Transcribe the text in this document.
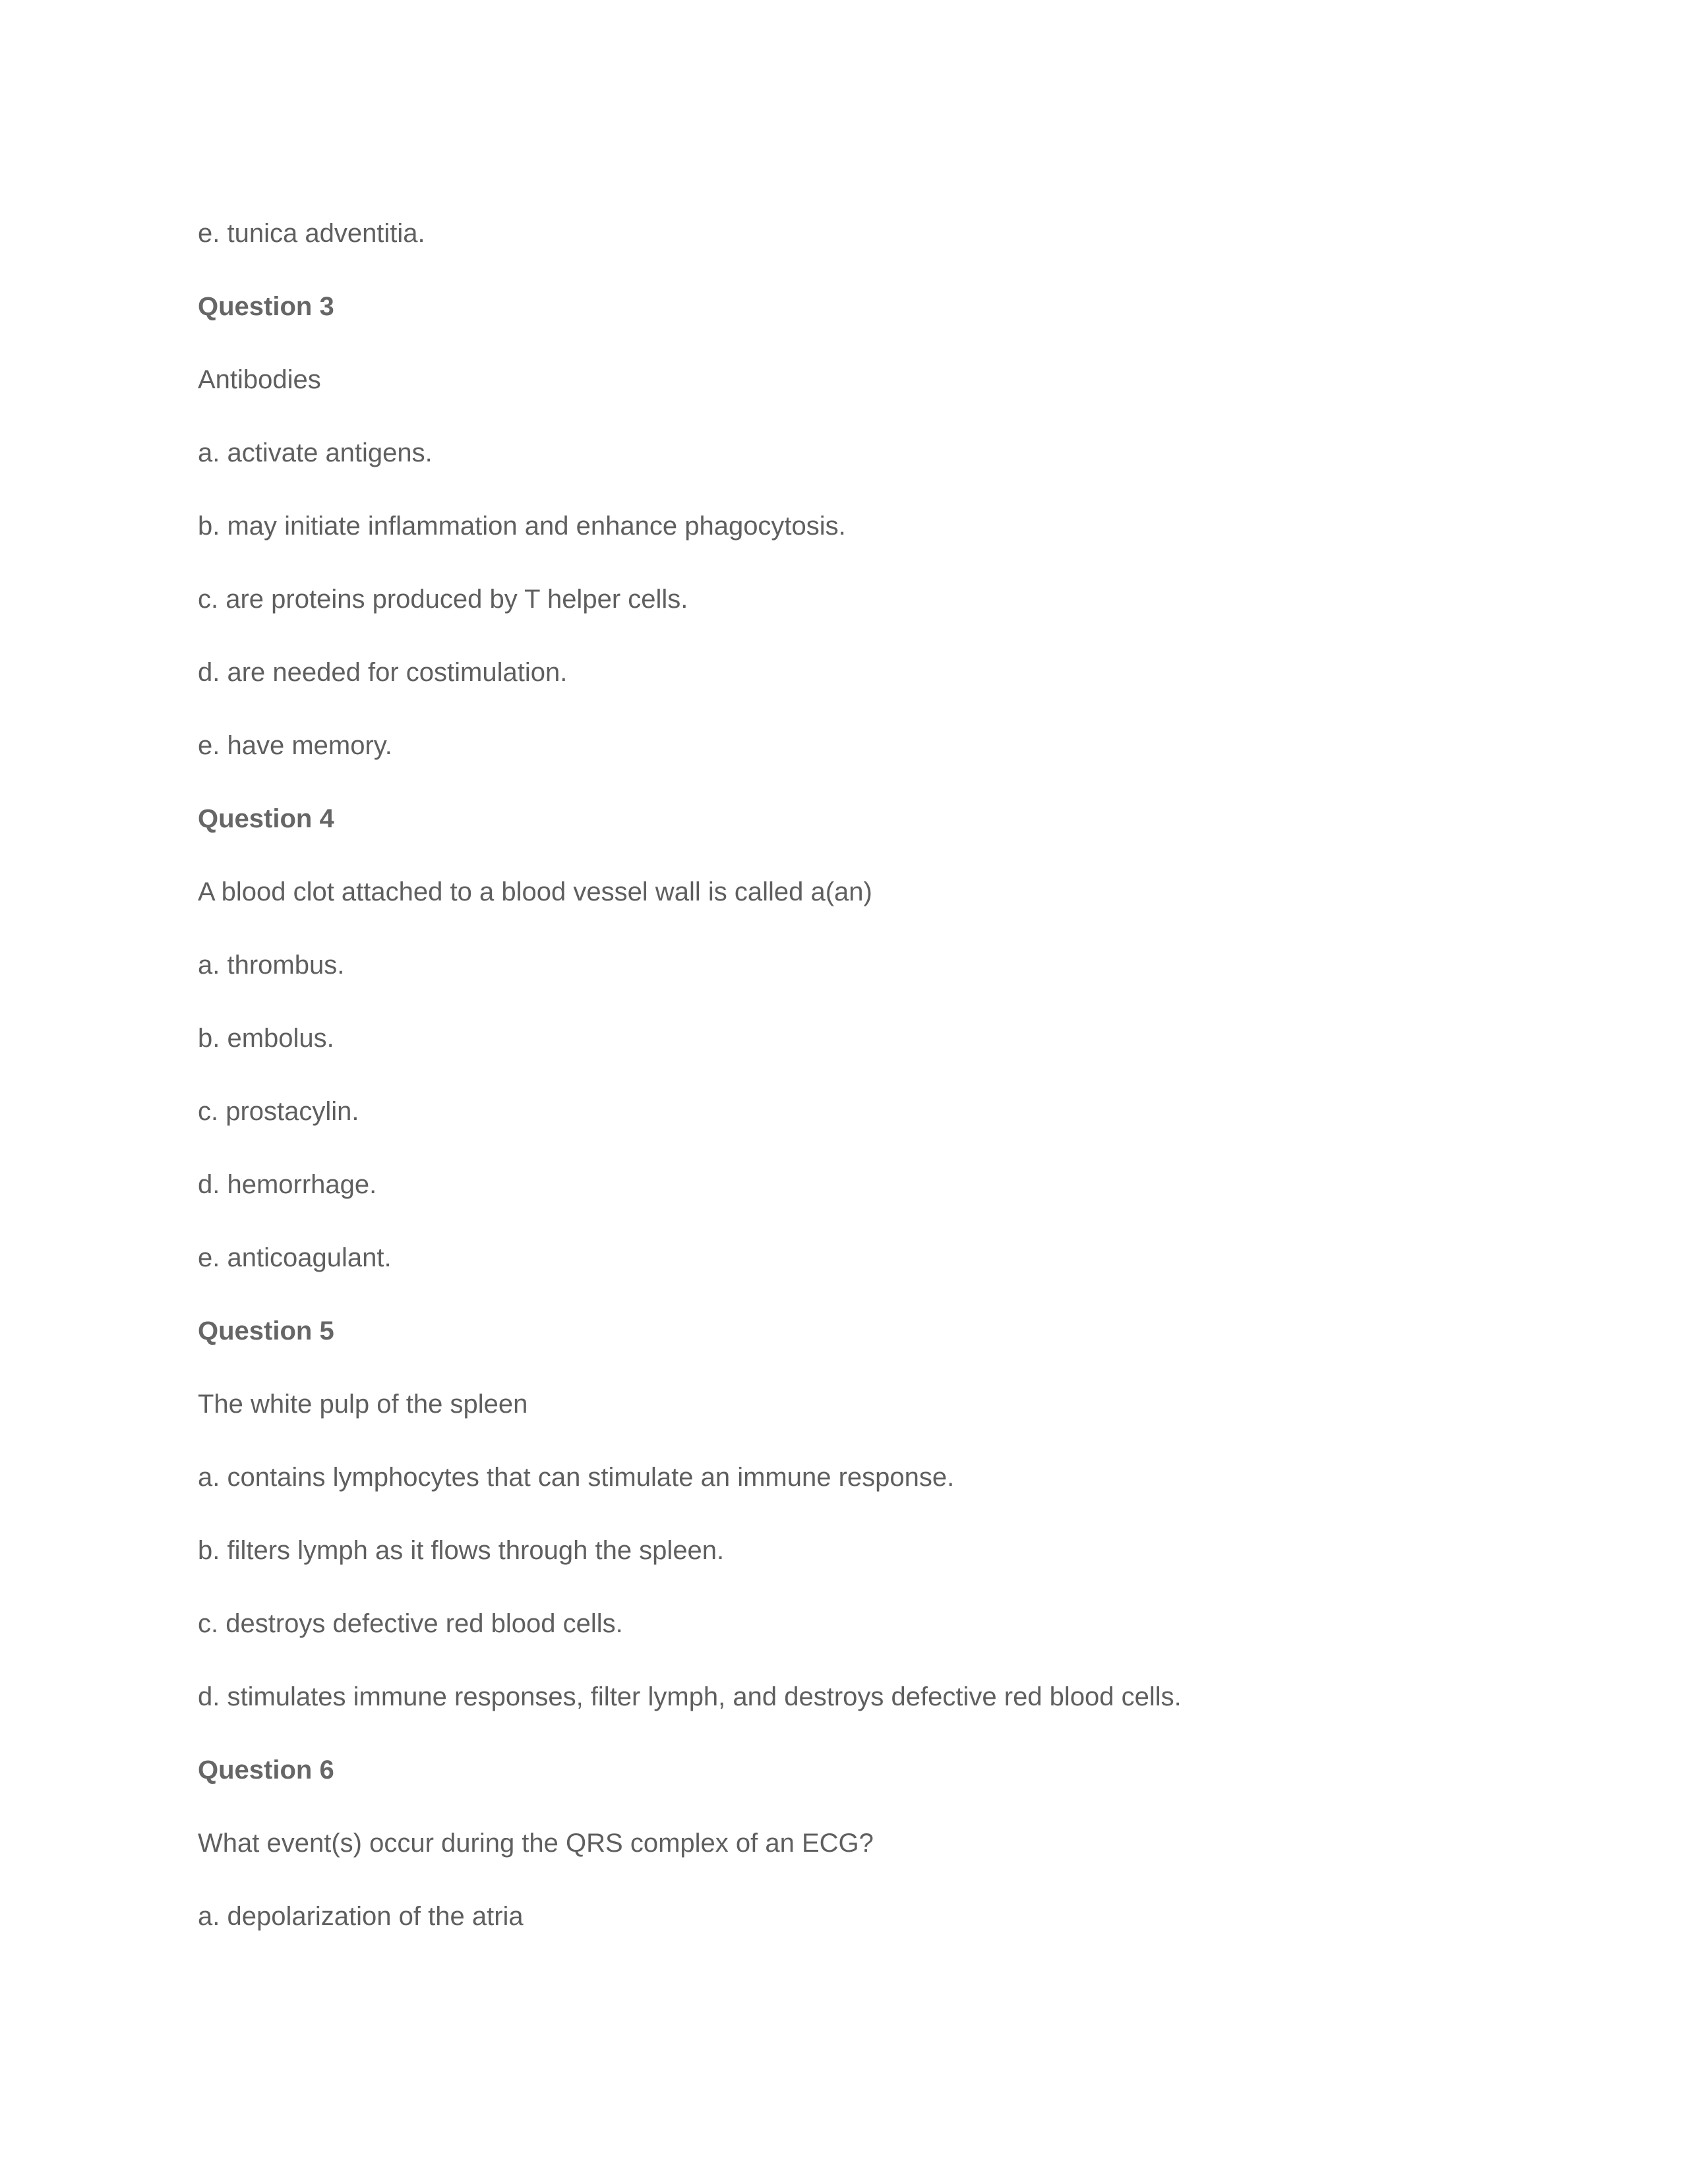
e. tunica adventitia.

Question 3

Antibodies

a. activate antigens.

b. may initiate inflammation and enhance phagocytosis.

c. are proteins produced by T helper cells.

d. are needed for costimulation.

e. have memory.

Question 4

A blood clot attached to a blood vessel wall is called a(an)

a. thrombus.

b. embolus.

c. prostacylin.

d. hemorrhage.

e. anticoagulant.

Question 5

The white pulp of the spleen

a. contains lymphocytes that can stimulate an immune response.

b. filters lymph as it flows through the spleen.

c. destroys defective red blood cells.

d. stimulates immune responses, filter lymph, and destroys defective red blood cells.

Question 6

What event(s) occur during the QRS complex of an ECG?

a. depolarization of the atria
